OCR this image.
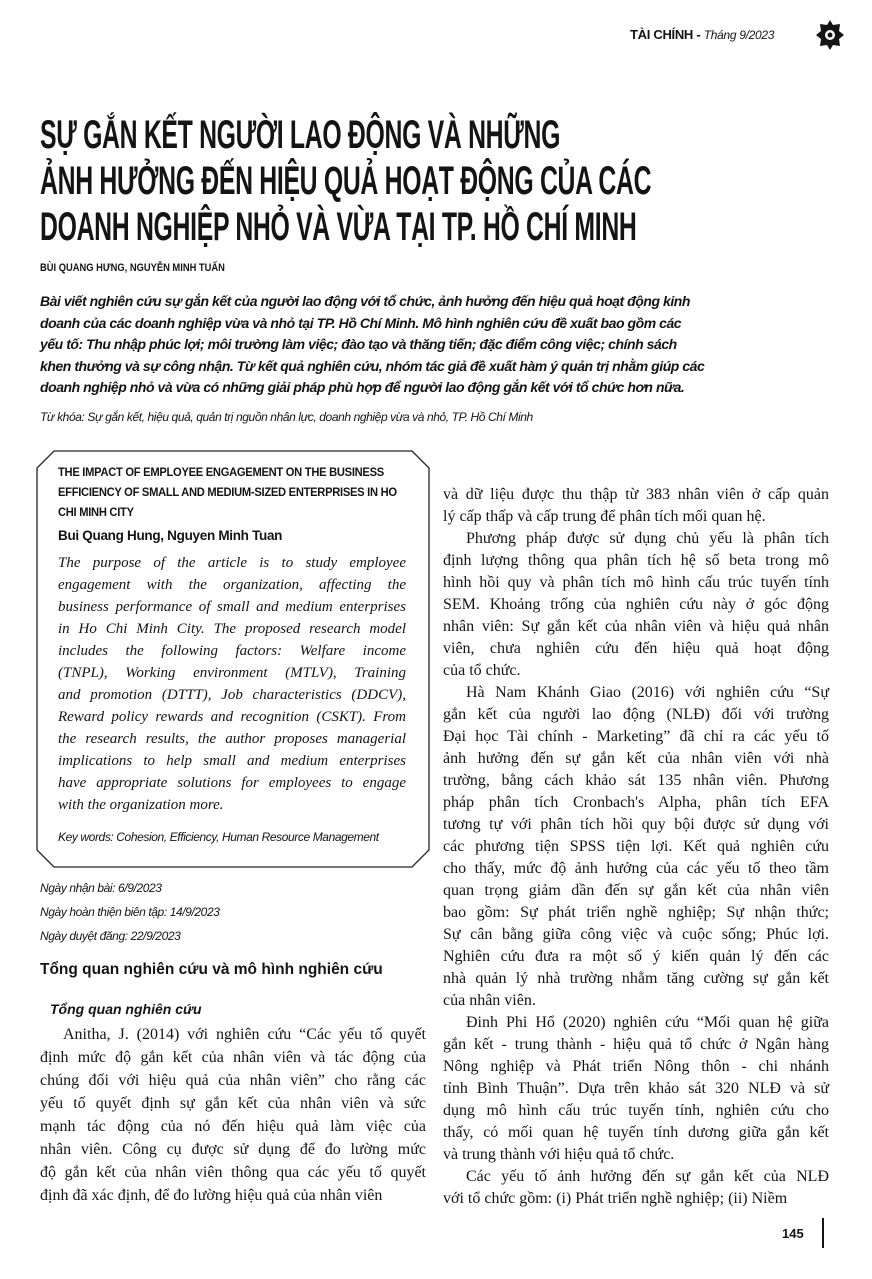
TÀI CHÍNH - Tháng 9/2023
SỰ GẮN KẾT NGƯỜI LAO ĐỘNG VÀ NHỮNG
ẢNH HƯỞNG ĐẾN HIỆU QUẢ HOẠT ĐỘNG CỦA CÁC
DOANH NGHIỆP NHỎ VÀ VỪA TẠI TP. HỒ CHÍ MINH
BÙI QUANG HƯNG, NGUYỄN MINH TUẤN
Bài viết nghiên cứu sự gắn kết của người lao động với tổ chức, ảnh hưởng đến hiệu quả hoạt động kinh
doanh của các doanh nghiệp vừa và nhỏ tại TP. Hồ Chí Minh. Mô hình nghiên cứu đề xuất bao gồm các
yếu tố: Thu nhập phúc lợi; môi trường làm việc; đào tạo và thăng tiến; đặc điểm công việc; chính sách
khen thưởng và sự công nhận. Từ kết quả nghiên cứu, nhóm tác giả đề xuất hàm ý quản trị nhằm giúp các
doanh nghiệp nhỏ và vừa có những giải pháp phù hợp để người lao động gắn kết với tổ chức hơn nữa.
Từ khóa: Sự gắn kết, hiệu quả, quản trị nguồn nhân lực, doanh nghiệp vừa và nhỏ, TP. Hồ Chí Minh
THE IMPACT OF EMPLOYEE ENGAGEMENT ON THE BUSINESS
EFFICIENCY OF SMALL AND MEDIUM-SIZED ENTERPRISES IN HO
CHI MINH CITY
Bui Quang Hung, Nguyen Minh Tuan
The purpose of the article is to study employee
engagement with the organization, affecting the
business performance of small and medium enterprises
in Ho Chi Minh City. The proposed research model
includes the following factors: Welfare income
(TNPL), Working environment (MTLV), Training
and promotion (DTTT), Job characteristics (DDCV),
Reward policy rewards and recognition (CSKT). From
the research results, the author proposes managerial
implications to help small and medium enterprises
have appropriate solutions for employees to engage
with the organization more.
Key words: Cohesion, Efficiency, Human Resource Management
Ngày nhận bài: 6/9/2023
Ngày hoàn thiện biên tập: 14/9/2023
Ngày duyệt đăng: 22/9/2023
Tổng quan nghiên cứu và mô hình nghiên cứu
Tổng quan nghiên cứu
Anitha, J. (2014) với nghiên cứu “Các yếu tố quyết
định mức độ gắn kết của nhân viên và tác động của
chúng đối với hiệu quả của nhân viên” cho rằng các
yếu tố quyết định sự gắn kết của nhân viên và sức
mạnh tác động của nó đến hiệu quả làm việc của
nhân viên. Công cụ được sử dụng để đo lường mức
độ gắn kết của nhân viên thông qua các yếu tố quyết
định đã xác định, để đo lường hiệu quả của nhân viên
và dữ liệu được thu thập từ 383 nhân viên ở cấp quản
lý cấp thấp và cấp trung để phân tích mối quan hệ.
Phương pháp được sử dụng chủ yếu là phân tích
định lượng thông qua phân tích hệ số beta trong mô
hình hồi quy và phân tích mô hình cấu trúc tuyến tính
SEM. Khoảng trống của nghiên cứu này ở góc động
nhân viên: Sự gắn kết của nhân viên và hiệu quả nhân
viên, chưa nghiên cứu đến hiệu quả hoạt động
của tổ chức.
Hà Nam Khánh Giao (2016) với nghiên cứu “Sự
gắn kết của người lao động (NLĐ) đối với trường
Đại học Tài chính - Marketing” đã chỉ ra các yếu tố
ảnh hưởng đến sự gắn kết của nhân viên với nhà
trường, bằng cách khảo sát 135 nhân viên. Phương
pháp phân tích Cronbach's Alpha, phân tích EFA
tương tự với phân tích hồi quy bội được sử dụng với
các phương tiện SPSS tiện lợi. Kết quả nghiên cứu
cho thấy, mức độ ảnh hưởng của các yếu tố theo tầm
quan trọng giảm dần đến sự gắn kết của nhân viên
bao gồm: Sự phát triển nghề nghiệp; Sự nhận thức;
Sự cân bằng giữa công việc và cuộc sống; Phúc lợi.
Nghiên cứu đưa ra một số ý kiến quản lý đến các
nhà quản lý nhà trường nhằm tăng cường sự gắn kết
của nhân viên.
Đinh Phi Hổ (2020) nghiên cứu “Mối quan hệ giữa
gắn kết - trung thành - hiệu quả tổ chức ở Ngân hàng
Nông nghiệp và Phát triển Nông thôn - chi nhánh
tỉnh Bình Thuận”. Dựa trên khảo sát 320 NLĐ và sử
dụng mô hình cấu trúc tuyến tính, nghiên cứu cho
thấy, có mối quan hệ tuyến tính dương giữa gắn kết
và trung thành với hiệu quả tổ chức.
Các yếu tố ảnh hưởng đến sự gắn kết của NLĐ
với tổ chức gồm: (i) Phát triển nghề nghiệp; (ii) Niềm
145
